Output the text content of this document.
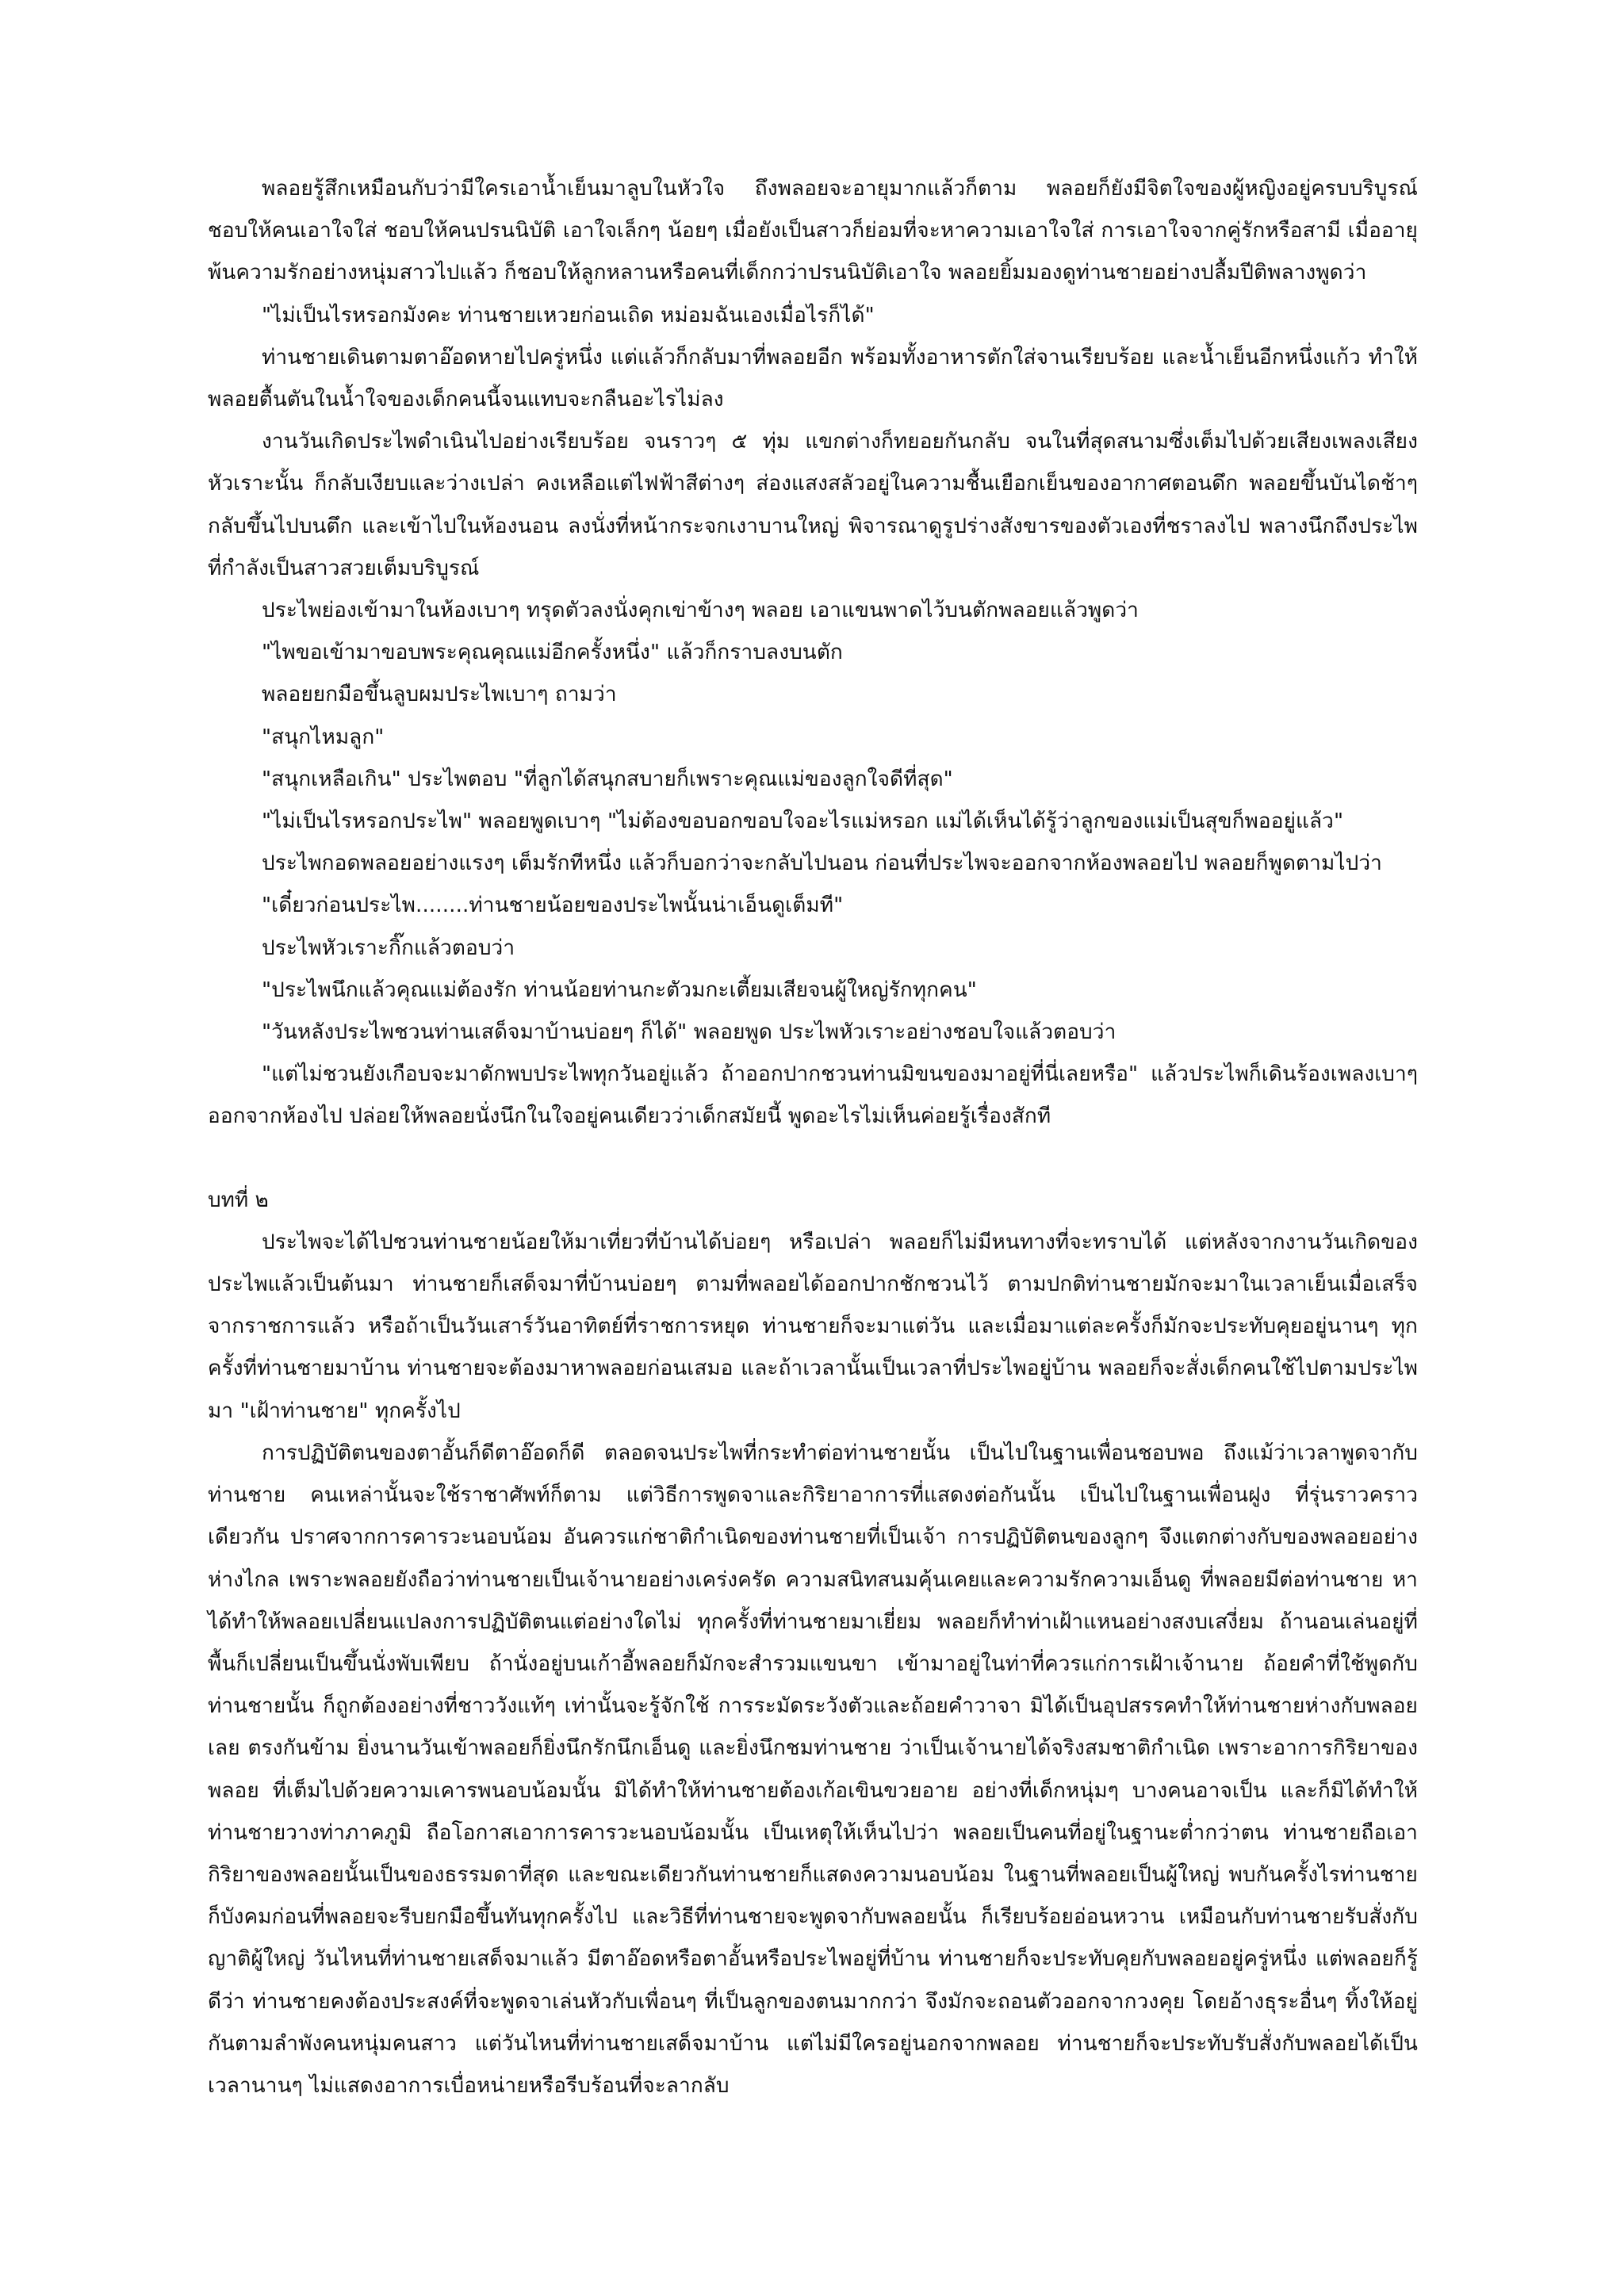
พลอยรู้สึกเหมือนกับว่ามีใครเอาน้ำเย็นมาลูบในหัวใจ ถึงพลอยจะอายุมากแล้วก็ตาม พลอยก็ยังมีจิตใจของผู้หญิงอยู่ครบบริบูรณ์ ชอบให้คนเอาใจใส่ ชอบให้คนปรนนิบัติ เอาใจเล็กๆ น้อยๆ เมื่อยังเป็นสาวก็ย่อมที่จะหาความเอาใจใส่ การเอาใจจากคู่รักหรือสามี เมื่ออายุพ้นความรักอย่างหนุ่มสาวไปแล้ว ก็ชอบให้ลูกหลานหรือคนที่เด็กกว่าปรนนิบัติเอาใจ พลอยยิ้มมองดูท่านชายอย่างปลื้มปีติพลางพูดว่า

"ไม่เป็นไรหรอกมังคะ ท่านชายเหวยก่อนเถิด หม่อมฉันเองเมื่อไรก็ได้"

ท่านชายเดินตามตาอ๊อดหายไปครู่หนึ่ง แต่แล้วก็กลับมาที่พลอยอีก พร้อมทั้งอาหารตักใส่จานเรียบร้อย และน้ำเย็นอีกหนึ่งแก้ว ทำให้พลอยตื้นตันในน้ำใจของเด็กคนนี้จนแทบจะกลืนอะไรไม่ลง

งานวันเกิดประไพดำเนินไปอย่างเรียบร้อย จนราวๆ ๕ ทุ่ม แขกต่างก็ทยอยกันกลับ จนในที่สุดสนามซึ่งเต็มไปด้วยเสียงเพลงเสียงหัวเราะนั้น ก็กลับเงียบและว่างเปล่า คงเหลือแต่ไฟฟ้าสีต่างๆ ส่องแสงสลัวอยู่ในความชื้นเยือกเย็นของอากาศตอนดึก พลอยขึ้นบันไดช้าๆ กลับขึ้นไปบนตึก และเข้าไปในห้องนอน ลงนั่งที่หน้ากระจกเงาบานใหญ่ พิจารณาดูรูปร่างสังขารของตัวเองที่ชราลงไป พลางนึกถึงประไพที่กำลังเป็นสาวสวยเต็มบริบูรณ์

ประไพย่องเข้ามาในห้องเบาๆ ทรุดตัวลงนั่งคุกเข่าข้างๆ พลอย เอาแขนพาดไว้บนตักพลอยแล้วพูดว่า

"ไพขอเข้ามาขอบพระคุณคุณแม่อีกครั้งหนึ่ง" แล้วก็กราบลงบนตัก

พลอยยกมือขึ้นลูบผมประไพเบาๆ ถามว่า

"สนุกไหมลูก"

"สนุกเหลือเกิน" ประไพตอบ "ที่ลูกได้สนุกสบายก็เพราะคุณแม่ของลูกใจดีที่สุด"

"ไม่เป็นไรหรอกประไพ" พลอยพูดเบาๆ "ไม่ต้องขอบอกขอบใจอะไรแม่หรอก แม่ได้เห็นได้รู้ว่าลูกของแม่เป็นสุขก็พออยู่แล้ว"

ประไพกอดพลอยอย่างแรงๆ เต็มรักทีหนึ่ง แล้วก็บอกว่าจะกลับไปนอน ก่อนที่ประไพจะออกจากห้องพลอยไป พลอยก็พูดตามไปว่า

"เดี๋ยวก่อนประไพ........ท่านชายน้อยของประไพนั้นน่าเอ็นดูเต็มที"

ประไพหัวเราะกิ๊กแล้วตอบว่า

"ประไพนึกแล้วคุณแม่ต้องรัก ท่านน้อยท่านกะตัวมกะเตี้ยมเสียจนผู้ใหญ่รักทุกคน"

"วันหลังประไพชวนท่านเสด็จมาบ้านบ่อยๆ ก็ได้" พลอยพูด ประไพหัวเราะอย่างชอบใจแล้วตอบว่า

"แต่ไม่ชวนยังเกือบจะมาดักพบประไพทุกวันอยู่แล้ว ถ้าออกปากชวนท่านมิขนของมาอยู่ที่นี่เลยหรือ" แล้วประไพก็เดินร้องเพลงเบาๆ ออกจากห้องไป ปล่อยให้พลอยนั่งนึกในใจอยู่คนเดียวว่าเด็กสมัยนี้ พูดอะไรไม่เห็นค่อยรู้เรื่องสักที

บทที่ ๒

ประไพจะได้ไปชวนท่านชายน้อยให้มาเที่ยวที่บ้านได้บ่อยๆ หรือเปล่า พลอยก็ไม่มีหนทางที่จะทราบได้ แต่หลังจากงานวันเกิดของประไพแล้วเป็นต้นมา ท่านชายก็เสด็จมาที่บ้านบ่อยๆ ตามที่พลอยได้ออกปากชักชวนไว้ ตามปกติท่านชายมักจะมาในเวลาเย็นเมื่อเสร็จจากราชการแล้ว หรือถ้าเป็นวันเสาร์วันอาทิตย์ที่ราชการหยุด ท่านชายก็จะมาแต่วัน และเมื่อมาแต่ละครั้งก็มักจะประทับคุยอยู่นานๆ ทุกครั้งที่ท่านชายมาบ้าน ท่านชายจะต้องมาหาพลอยก่อนเสมอ และถ้าเวลานั้นเป็นเวลาที่ประไพอยู่บ้าน พลอยก็จะสั่งเด็กคนใช้ไปตามประไพมา "เฝ้าท่านชาย" ทุกครั้งไป

การปฏิบัติตนของตาอั้นก็ดีตาอ๊อดก็ดี ตลอดจนประไพที่กระทำต่อท่านชายนั้น เป็นไปในฐานเพื่อนชอบพอ ถึงแม้ว่าเวลาพูดจากับท่านชาย คนเหล่านั้นจะใช้ราชาศัพท์ก็ตาม แต่วิธีการพูดจาและกิริยาอาการที่แสดงต่อกันนั้น เป็นไปในฐานเพื่อนฝูง ที่รุ่นราวคราวเดียวกัน ปราศจากการคารวะนอบน้อม อันควรแก่ชาติกำเนิดของท่านชายที่เป็นเจ้า การปฏิบัติตนของลูกๆ จึงแตกต่างกับของพลอยอย่างห่างไกล เพราะพลอยยังถือว่าท่านชายเป็นเจ้านายอย่างเคร่งครัด ความสนิทสนมคุ้นเคยและความรักความเอ็นดู ที่พลอยมีต่อท่านชาย หาได้ทำให้พลอยเปลี่ยนแปลงการปฏิบัติตนแต่อย่างใดไม่ ทุกครั้งที่ท่านชายมาเยี่ยม พลอยก็ทำท่าเฝ้าแหนอย่างสงบเสงี่ยม ถ้านอนเล่นอยู่ที่พื้นก็เปลี่ยนเป็นขึ้นนั่งพับเพียบ ถ้านั่งอยู่บนเก้าอี้พลอยก็มักจะสำรวมแขนขา เข้ามาอยู่ในท่าที่ควรแก่การเฝ้าเจ้านาย ถ้อยคำที่ใช้พูดกับท่านชายนั้น ก็ถูกต้องอย่างที่ชาววังแท้ๆ เท่านั้นจะรู้จักใช้ การระมัดระวังตัวและถ้อยคำวาจา มิได้เป็นอุปสรรคทำให้ท่านชายห่างกับพลอยเลย ตรงกันข้าม ยิ่งนานวันเข้าพลอยก็ยิ่งนึกรักนึกเอ็นดู และยิ่งนึกชมท่านชาย ว่าเป็นเจ้านายได้จริงสมชาติกำเนิด เพราะอาการกิริยาของพลอย ที่เต็มไปด้วยความเคารพนอบน้อมนั้น มิได้ทำให้ท่านชายต้องเก้อเขินขวยอาย อย่างที่เด็กหนุ่มๆ บางคนอาจเป็น และก็มิได้ทำให้ท่านชายวางท่าภาคภูมิ ถือโอกาสเอาการคารวะนอบน้อมนั้น เป็นเหตุให้เห็นไปว่า พลอยเป็นคนที่อยู่ในฐานะต่ำกว่าตน ท่านชายถือเอากิริยาของพลอยนั้นเป็นของธรรมดาที่สุด และขณะเดียวกันท่านชายก็แสดงความนอบน้อม ในฐานที่พลอยเป็นผู้ใหญ่ พบกันครั้งไรท่านชายก็บังคมก่อนที่พลอยจะรีบยกมือขึ้นทันทุกครั้งไป และวิธีที่ท่านชายจะพูดจากับพลอยนั้น ก็เรียบร้อยอ่อนหวาน เหมือนกับท่านชายรับสั่งกับญาติผู้ใหญ่ วันไหนที่ท่านชายเสด็จมาแล้ว มีตาอ๊อดหรือตาอั้นหรือประไพอยู่ที่บ้าน ท่านชายก็จะประทับคุยกับพลอยอยู่ครู่หนึ่ง แต่พลอยก็รู้ดีว่า ท่านชายคงต้องประสงค์ที่จะพูดจาเล่นหัวกับเพื่อนๆ ที่เป็นลูกของตนมากกว่า จึงมักจะถอนตัวออกจากวงคุย โดยอ้างธุระอื่นๆ ทิ้งให้อยู่กันตามลำพังคนหนุ่มคนสาว แต่วันไหนที่ท่านชายเสด็จมาบ้าน แต่ไม่มีใครอยู่นอกจากพลอย ท่านชายก็จะประทับรับสั่งกับพลอยได้เป็นเวลานานๆ ไม่แสดงอาการเบื่อหน่ายหรือรีบร้อนที่จะลากลับ
